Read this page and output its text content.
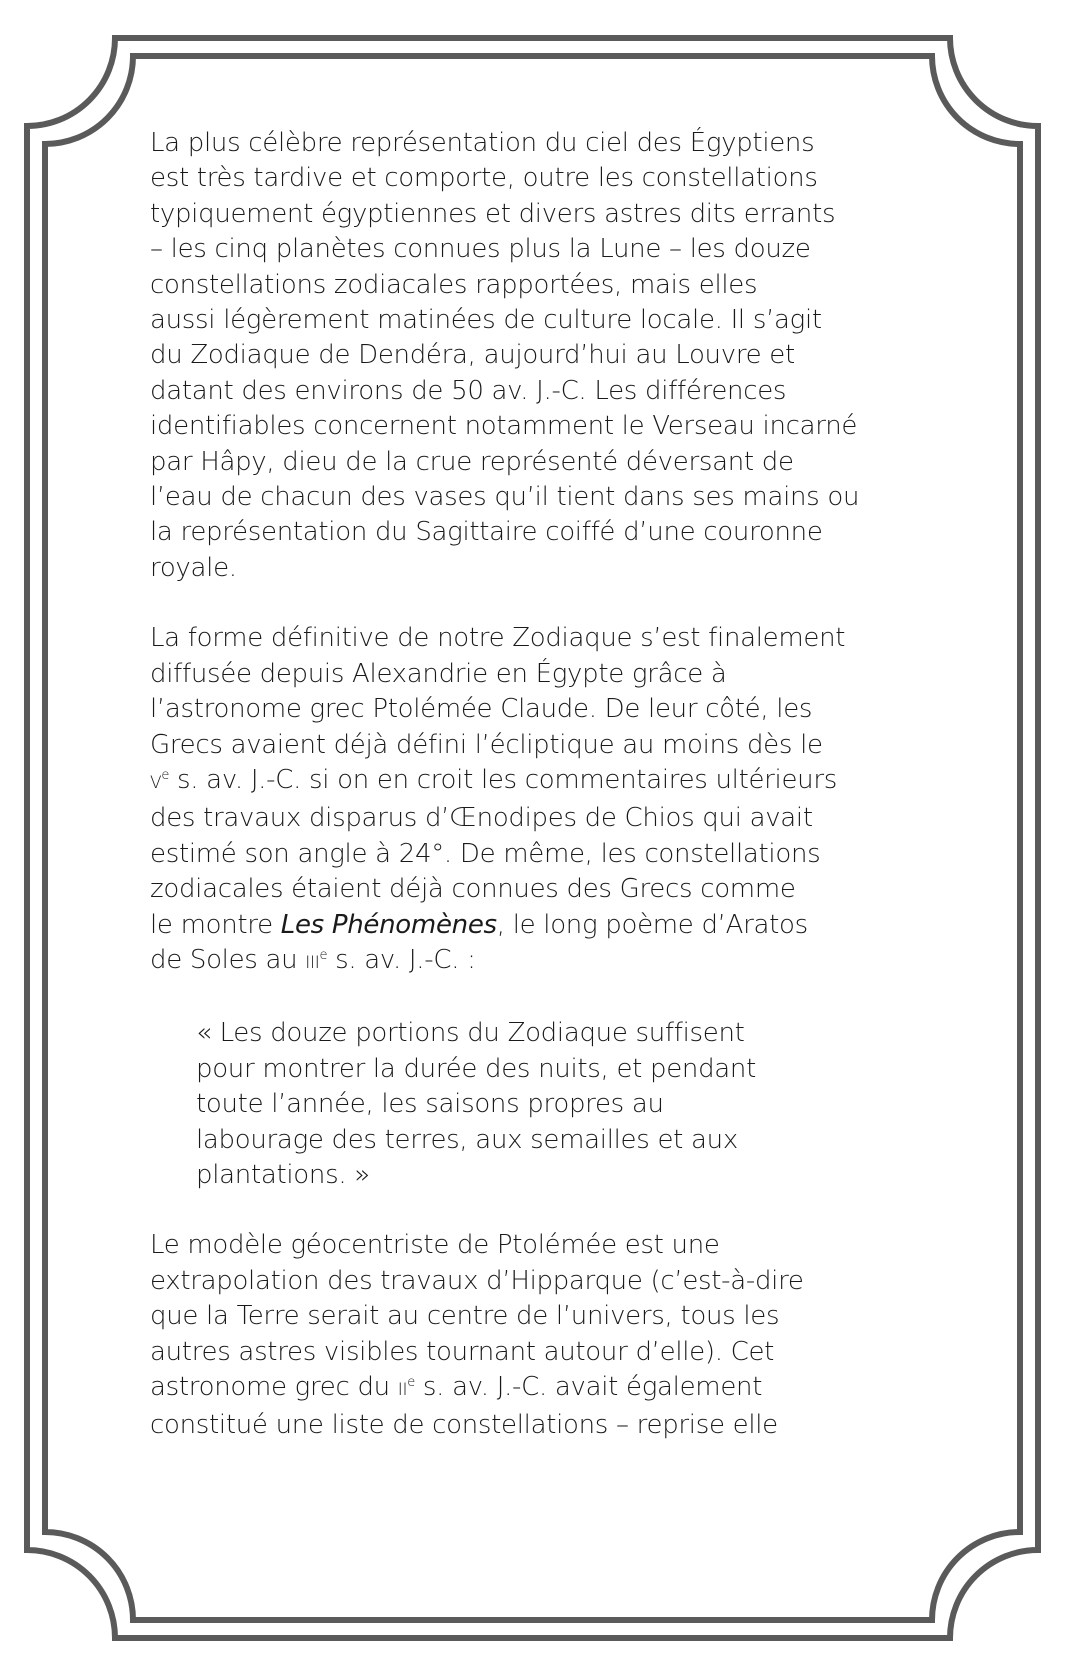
La plus célèbre représentation du ciel des Égyptiens
est très tardive et comporte, outre les constellations
typiquement égyptiennes et divers astres dits errants
– les cinq planètes connues plus la Lune – les douze
constellations zodiacales rapportées, mais elles
aussi légèrement matinées de culture locale. Il s’agit
du Zodiaque de Dendéra, aujourd’hui au Louvre et
datant des environs de 50 av. J.-C. Les différences
identifiables concernent notamment le Verseau incarné
par Hâpy, dieu de la crue représenté déversant de
l’eau de chacun des vases qu’il tient dans ses mains ou
la représentation du Sagittaire coiffé d’une couronne
royale.
La forme définitive de notre Zodiaque s’est finalement
diffusée depuis Alexandrie en Égypte grâce à
l’astronome grec Ptolémée Claude. De leur côté, les
Grecs avaient déjà défini l’écliptique au moins dès le
Ve s. av. J.-C. si on en croit les commentaires ultérieurs
des travaux disparus d’Œnodipes de Chios qui avait
estimé son angle à 24°. De même, les constellations
zodiacales étaient déjà connues des Grecs comme
le montre Les Phénomènes, le long poème d’Aratos
de Soles au IIIe s. av. J.-C. :
« Les douze portions du Zodiaque suffisent
pour montrer la durée des nuits, et pendant
toute l’année, les saisons propres au
labourage des terres, aux semailles et aux
plantations. »
Le modèle géocentriste de Ptolémée est une
extrapolation des travaux d’Hipparque (c’est-à-dire
que la Terre serait au centre de l’univers, tous les
autres astres visibles tournant autour d’elle). Cet
astronome grec du IIe s. av. J.-C. avait également
constitué une liste de constellations – reprise elle
